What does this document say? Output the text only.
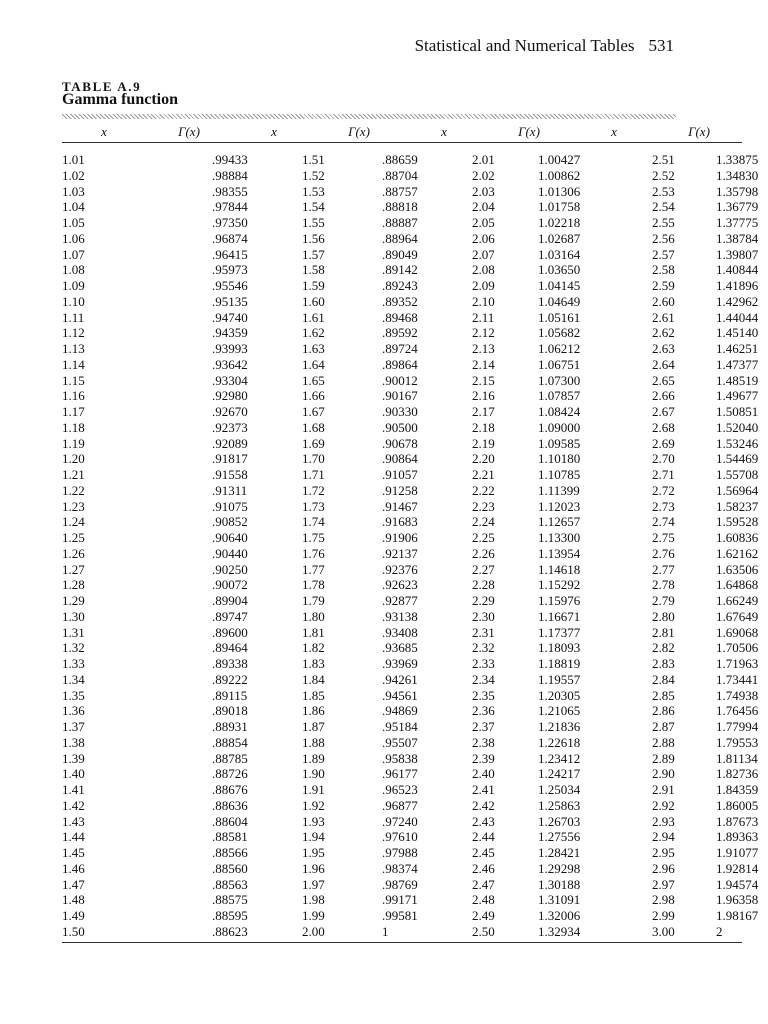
Statistical and Numerical Tables 531
TABLE A.9
Gamma function
x	Γ(x)	x	Γ(x)	x	Γ(x)	x	Γ(x)
1.01	.99433	1.51	.88659	2.01	1.00427	2.51	1.33875
1.02	.98884	1.52	.88704	2.02	1.00862	2.52	1.34830
1.03	.98355	1.53	.88757	2.03	1.01306	2.53	1.35798
1.04	.97844	1.54	.88818	2.04	1.01758	2.54	1.36779
1.05	.97350	1.55	.88887	2.05	1.02218	2.55	1.37775
1.06	.96874	1.56	.88964	2.06	1.02687	2.56	1.38784
1.07	.96415	1.57	.89049	2.07	1.03164	2.57	1.39807
1.08	.95973	1.58	.89142	2.08	1.03650	2.58	1.40844
1.09	.95546	1.59	.89243	2.09	1.04145	2.59	1.41896
1.10	.95135	1.60	.89352	2.10	1.04649	2.60	1.42962
1.11	.94740	1.61	.89468	2.11	1.05161	2.61	1.44044
1.12	.94359	1.62	.89592	2.12	1.05682	2.62	1.45140
1.13	.93993	1.63	.89724	2.13	1.06212	2.63	1.46251
1.14	.93642	1.64	.89864	2.14	1.06751	2.64	1.47377
1.15	.93304	1.65	.90012	2.15	1.07300	2.65	1.48519
1.16	.92980	1.66	.90167	2.16	1.07857	2.66	1.49677
1.17	.92670	1.67	.90330	2.17	1.08424	2.67	1.50851
1.18	.92373	1.68	.90500	2.18	1.09000	2.68	1.52040
1.19	.92089	1.69	.90678	2.19	1.09585	2.69	1.53246
1.20	.91817	1.70	.90864	2.20	1.10180	2.70	1.54469
1.21	.91558	1.71	.91057	2.21	1.10785	2.71	1.55708
1.22	.91311	1.72	.91258	2.22	1.11399	2.72	1.56964
1.23	.91075	1.73	.91467	2.23	1.12023	2.73	1.58237
1.24	.90852	1.74	.91683	2.24	1.12657	2.74	1.59528
1.25	.90640	1.75	.91906	2.25	1.13300	2.75	1.60836
1.26	.90440	1.76	.92137	2.26	1.13954	2.76	1.62162
1.27	.90250	1.77	.92376	2.27	1.14618	2.77	1.63506
1.28	.90072	1.78	.92623	2.28	1.15292	2.78	1.64868
1.29	.89904	1.79	.92877	2.29	1.15976	2.79	1.66249
1.30	.89747	1.80	.93138	2.30	1.16671	2.80	1.67649
1.31	.89600	1.81	.93408	2.31	1.17377	2.81	1.69068
1.32	.89464	1.82	.93685	2.32	1.18093	2.82	1.70506
1.33	.89338	1.83	.93969	2.33	1.18819	2.83	1.71963
1.34	.89222	1.84	.94261	2.34	1.19557	2.84	1.73441
1.35	.89115	1.85	.94561	2.35	1.20305	2.85	1.74938
1.36	.89018	1.86	.94869	2.36	1.21065	2.86	1.76456
1.37	.88931	1.87	.95184	2.37	1.21836	2.87	1.77994
1.38	.88854	1.88	.95507	2.38	1.22618	2.88	1.79553
1.39	.88785	1.89	.95838	2.39	1.23412	2.89	1.81134
1.40	.88726	1.90	.96177	2.40	1.24217	2.90	1.82736
1.41	.88676	1.91	.96523	2.41	1.25034	2.91	1.84359
1.42	.88636	1.92	.96877	2.42	1.25863	2.92	1.86005
1.43	.88604	1.93	.97240	2.43	1.26703	2.93	1.87673
1.44	.88581	1.94	.97610	2.44	1.27556	2.94	1.89363
1.45	.88566	1.95	.97988	2.45	1.28421	2.95	1.91077
1.46	.88560	1.96	.98374	2.46	1.29298	2.96	1.92814
1.47	.88563	1.97	.98769	2.47	1.30188	2.97	1.94574
1.48	.88575	1.98	.99171	2.48	1.31091	2.98	1.96358
1.49	.88595	1.99	.99581	2.49	1.32006	2.99	1.98167
1.50	.88623	2.00	1	2.50	1.32934	3.00	2
